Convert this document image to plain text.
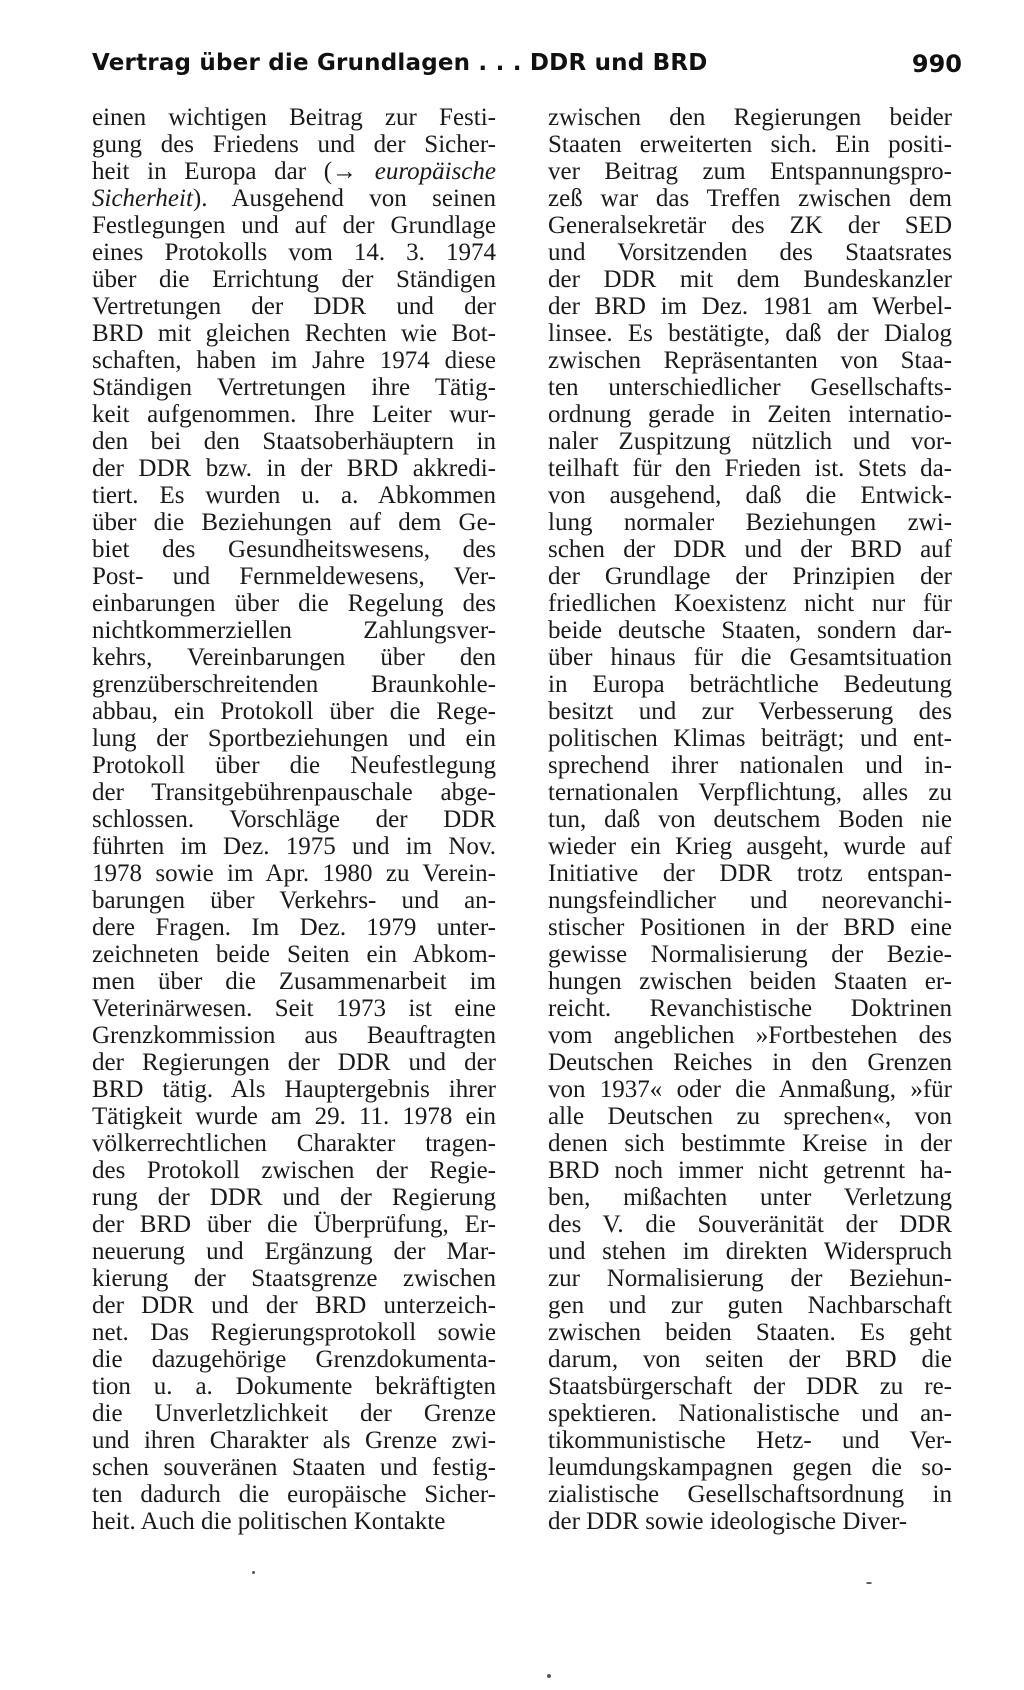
Vertrag über die Grundlagen . . . DDR und BRD	990
einen wichtigen Beitrag zur Festi-
gung des Friedens und der Sicher-
heit in Europa dar (→ europäische
Sicherheit). Ausgehend von seinen
Festlegungen und auf der Grundlage
eines Protokolls vom 14. 3. 1974
über die Errichtung der Ständigen
Vertretungen der DDR und der
BRD mit gleichen Rechten wie Bot-
schaften, haben im Jahre 1974 diese
Ständigen Vertretungen ihre Tätig-
keit aufgenommen. Ihre Leiter wur-
den bei den Staatsoberhäuptern in
der DDR bzw. in der BRD akkredi-
tiert. Es wurden u. a. Abkommen
über die Beziehungen auf dem Ge-
biet des Gesundheitswesens, des
Post- und Fernmeldewesens, Ver-
einbarungen über die Regelung des
nichtkommerziellen Zahlungsver-
kehrs, Vereinbarungen über den
grenzüberschreitenden Braunkohle-
abbau, ein Protokoll über die Rege-
lung der Sportbeziehungen und ein
Protokoll über die Neufestlegung
der Transitgebührenpauschale abge-
schlossen. Vorschläge der DDR
führten im Dez. 1975 und im Nov.
1978 sowie im Apr. 1980 zu Verein-
barungen über Verkehrs- und an-
dere Fragen. Im Dez. 1979 unter-
zeichneten beide Seiten ein Abkom-
men über die Zusammenarbeit im
Veterinärwesen. Seit 1973 ist eine
Grenzkommission aus Beauftragten
der Regierungen der DDR und der
BRD tätig. Als Hauptergebnis ihrer
Tätigkeit wurde am 29. 11. 1978 ein
völkerrechtlichen Charakter tragen-
des Protokoll zwischen der Regie-
rung der DDR und der Regierung
der BRD über die Überprüfung, Er-
neuerung und Ergänzung der Mar-
kierung der Staatsgrenze zwischen
der DDR und der BRD unterzeich-
net. Das Regierungsprotokoll sowie
die dazugehörige Grenzdokumenta-
tion u. a. Dokumente bekräftigten
die Unverletzlichkeit der Grenze
und ihren Charakter als Grenze zwi-
schen souveränen Staaten und festig-
ten dadurch die europäische Sicher-
heit. Auch die politischen Kontakte
zwischen den Regierungen beider
Staaten erweiterten sich. Ein positi-
ver Beitrag zum Entspannungspro-
zeß war das Treffen zwischen dem
Generalsekretär des ZK der SED
und Vorsitzenden des Staatsrates
der DDR mit dem Bundeskanzler
der BRD im Dez. 1981 am Werbel-
linsee. Es bestätigte, daß der Dialog
zwischen Repräsentanten von Staa-
ten unterschiedlicher Gesellschafts-
ordnung gerade in Zeiten internatio-
naler Zuspitzung nützlich und vor-
teilhaft für den Frieden ist. Stets da-
von ausgehend, daß die Entwick-
lung normaler Beziehungen zwi-
schen der DDR und der BRD auf
der Grundlage der Prinzipien der
friedlichen Koexistenz nicht nur für
beide deutsche Staaten, sondern dar-
über hinaus für die Gesamtsituation
in Europa beträchtliche Bedeutung
besitzt und zur Verbesserung des
politischen Klimas beiträgt; und ent-
sprechend ihrer nationalen und in-
ternationalen Verpflichtung, alles zu
tun, daß von deutschem Boden nie
wieder ein Krieg ausgeht, wurde auf
Initiative der DDR trotz entspan-
nungsfeindlicher und neorevanchi-
stischer Positionen in der BRD eine
gewisse Normalisierung der Bezie-
hungen zwischen beiden Staaten er-
reicht. Revanchistische Doktrinen
vom angeblichen »Fortbestehen des
Deutschen Reiches in den Grenzen
von 1937« oder die Anmaßung, »für
alle Deutschen zu sprechen«, von
denen sich bestimmte Kreise in der
BRD noch immer nicht getrennt ha-
ben, mißachten unter Verletzung
des V. die Souveränität der DDR
und stehen im direkten Widerspruch
zur Normalisierung der Beziehun-
gen und zur guten Nachbarschaft
zwischen beiden Staaten. Es geht
darum, von seiten der BRD die
Staatsbürgerschaft der DDR zu re-
spektieren. Nationalistische und an-
tikommunistische Hetz- und Ver-
leumdungskampagnen gegen die so-
zialistische Gesellschaftsordnung in
der DDR sowie ideologische Diver-
